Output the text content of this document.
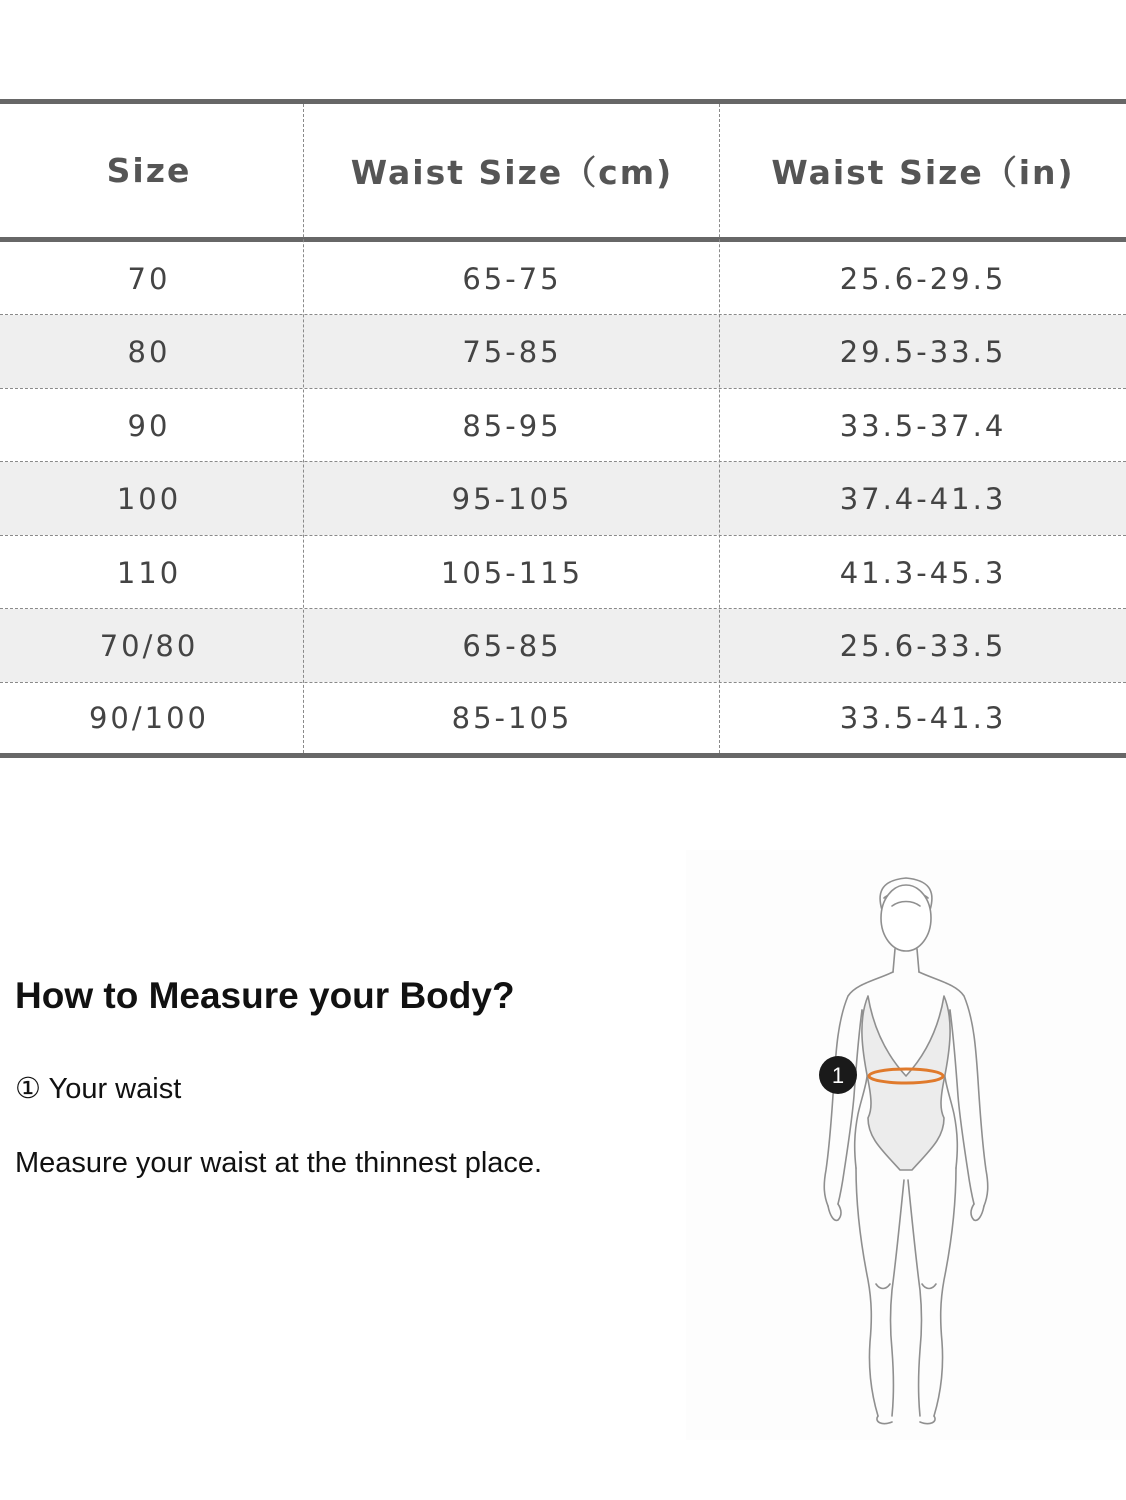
Size	Waist Size（cm)	Waist Size（in)
70	65-75	25.6-29.5
80	75-85	29.5-33.5
90	85-95	33.5-37.4
100	95-105	37.4-41.3
110	105-115	41.3-45.3
70/80	65-85	25.6-33.5
90/100	85-105	33.5-41.3
How to Measure your Body?
① Your waist
Measure your waist at the thinnest place.
1
